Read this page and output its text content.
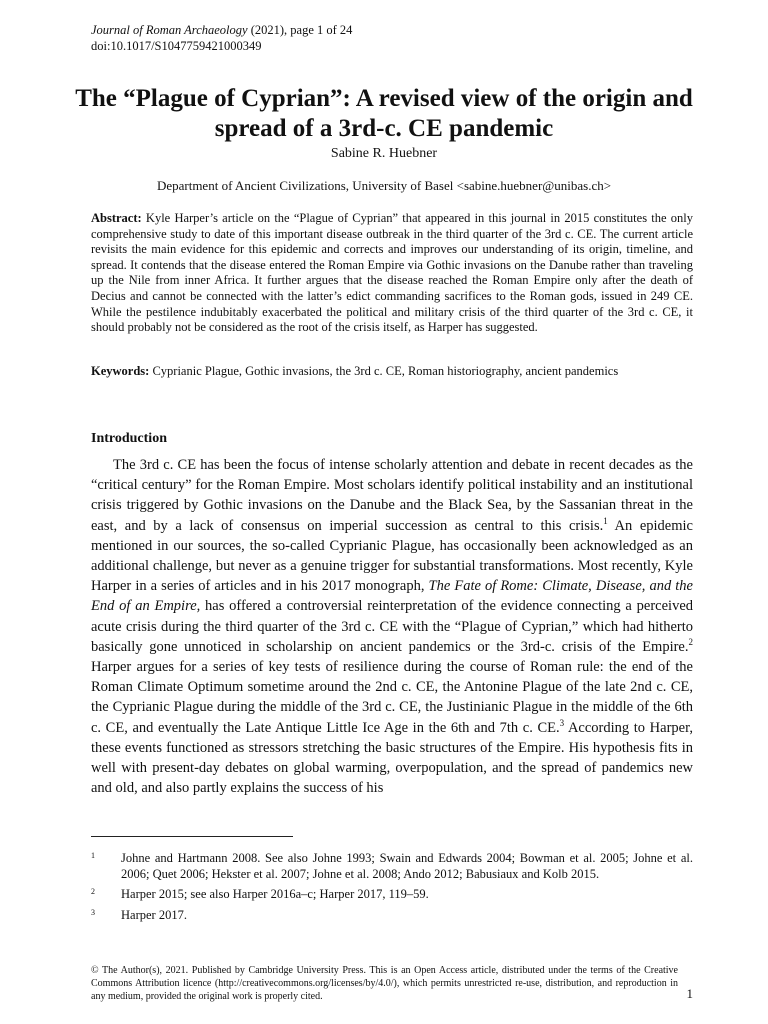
Journal of Roman Archaeology (2021), page 1 of 24
doi:10.1017/S1047759421000349
The “Plague of Cyprian”: A revised view of the origin and spread of a 3rd-c. CE pandemic
Sabine R. Huebner
Department of Ancient Civilizations, University of Basel <sabine.huebner@unibas.ch>
Abstract: Kyle Harper’s article on the “Plague of Cyprian” that appeared in this journal in 2015 constitutes the only comprehensive study to date of this important disease outbreak in the third quarter of the 3rd c. CE. The current article revisits the main evidence for this epidemic and corrects and improves our understanding of its origin, timeline, and spread. It contends that the disease entered the Roman Empire via Gothic invasions on the Danube rather than traveling up the Nile from inner Africa. It further argues that the disease reached the Roman Empire only after the death of Decius and cannot be connected with the latter’s edict commanding sacrifices to the Roman gods, issued in 249 CE. While the pestilence indubitably exacerbated the political and military crisis of the third quarter of the 3rd c. CE, it should probably not be considered as the root of the crisis itself, as Harper has suggested.
Keywords: Cyprianic Plague, Gothic invasions, the 3rd c. CE, Roman historiography, ancient pandemics
Introduction

The 3rd c. CE has been the focus of intense scholarly attention and debate in recent decades as the “critical century” for the Roman Empire. Most scholars identify political instability and an institutional crisis triggered by Gothic invasions on the Danube and the Black Sea, by the Sassanian threat in the east, and by a lack of consensus on imperial succession as central to this crisis.$^1$ An epidemic mentioned in our sources, the so-called Cyprianic Plague, has occasionally been acknowledged as an additional challenge, but never as a genuine trigger for substantial transformations. Most recently, Kyle Harper in a series of articles and in his 2017 monograph, The Fate of Rome: Climate, Disease, and the End of an Empire, has offered a controversial reinterpretation of the evidence connecting a perceived acute crisis during the third quarter of the 3rd c. CE with the “Plague of Cyprian,” which had hitherto basically gone unnoticed in scholarship on ancient pandemics or the 3rd-c. crisis of the Empire.$^2$ Harper argues for a series of key tests of resilience during the course of Roman rule: the end of the Roman Climate Optimum sometime around the 2nd c. CE, the Antonine Plague of the late 2nd c. CE, the Cyprianic Plague during the middle of the 3rd c. CE, the Justinianic Plague in the middle of the 6th c. CE, and eventually the Late Antique Little Ice Age in the 6th and 7th c. CE.$^3$ According to Harper, these events functioned as stressors stretching the basic structures of the Empire. His hypothesis fits in well with present-day debates on global warming, overpopulation, and the spread of pandemics new and old, and also partly explains the success of his

1	Johne and Hartmann 2008. See also Johne 1993; Swain and Edwards 2004; Bowman et al. 2005; Johne et al. 2006; Quet 2006; Hekster et al. 2007; Johne et al. 2008; Ando 2012; Babusiaux and Kolb 2015.
2	Harper 2015; see also Harper 2016a–c; Harper 2017, 119–59.
3	Harper 2017.
© The Author(s), 2021. Published by Cambridge University Press. This is an Open Access article, distributed under the terms of the Creative Commons Attribution licence (http://creativecommons.org/licenses/by/4.0/), which permits unrestricted re-use, distribution, and reproduction in any medium, provided the original work is properly cited.	1
